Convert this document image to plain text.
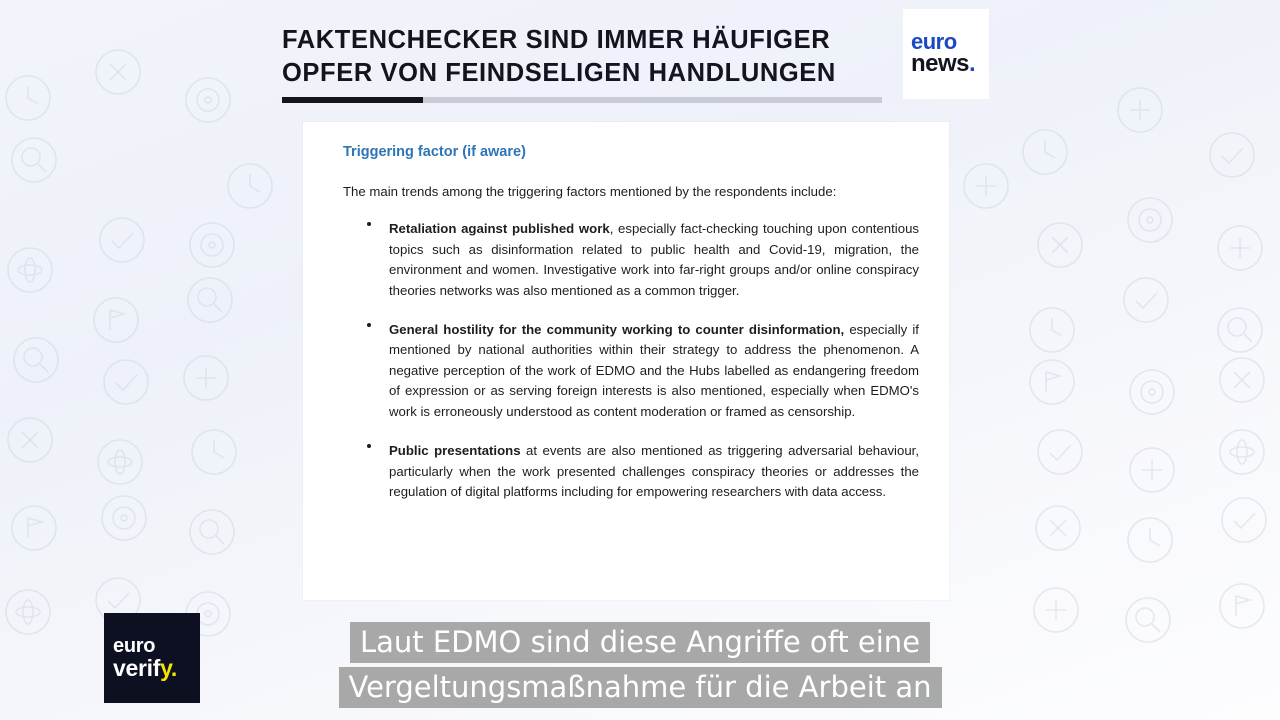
FAKTENCHECKER SIND IMMER HÄUFIGER
OPFER VON FEINDSELIGEN HANDLUNGEN
euro
news.
Triggering factor (if aware)

The main trends among the triggering factors mentioned by the respondents include:

Retaliation against published work, especially fact-checking touching upon contentious topics such as disinformation related to public health and Covid-19, migration, the environment and women. Investigative work into far-right groups and/or online conspiracy theories networks was also mentioned as a common trigger.
General hostility for the community working to counter disinformation, especially if mentioned by national authorities within their strategy to address the phenomenon. A negative perception of the work of EDMO and the Hubs labelled as endangering freedom of expression or as serving foreign interests is also mentioned, especially when EDMO's work is erroneously understood as content moderation or framed as censorship.
Public presentations at events are also mentioned as triggering adversarial behaviour, particularly when the work presented challenges conspiracy theories or addresses the regulation of digital platforms including for empowering researchers with data access.
euro
verify.
Laut EDMO sind diese Angriffe oft eine
Vergeltungsmaßnahme für die Arbeit an
